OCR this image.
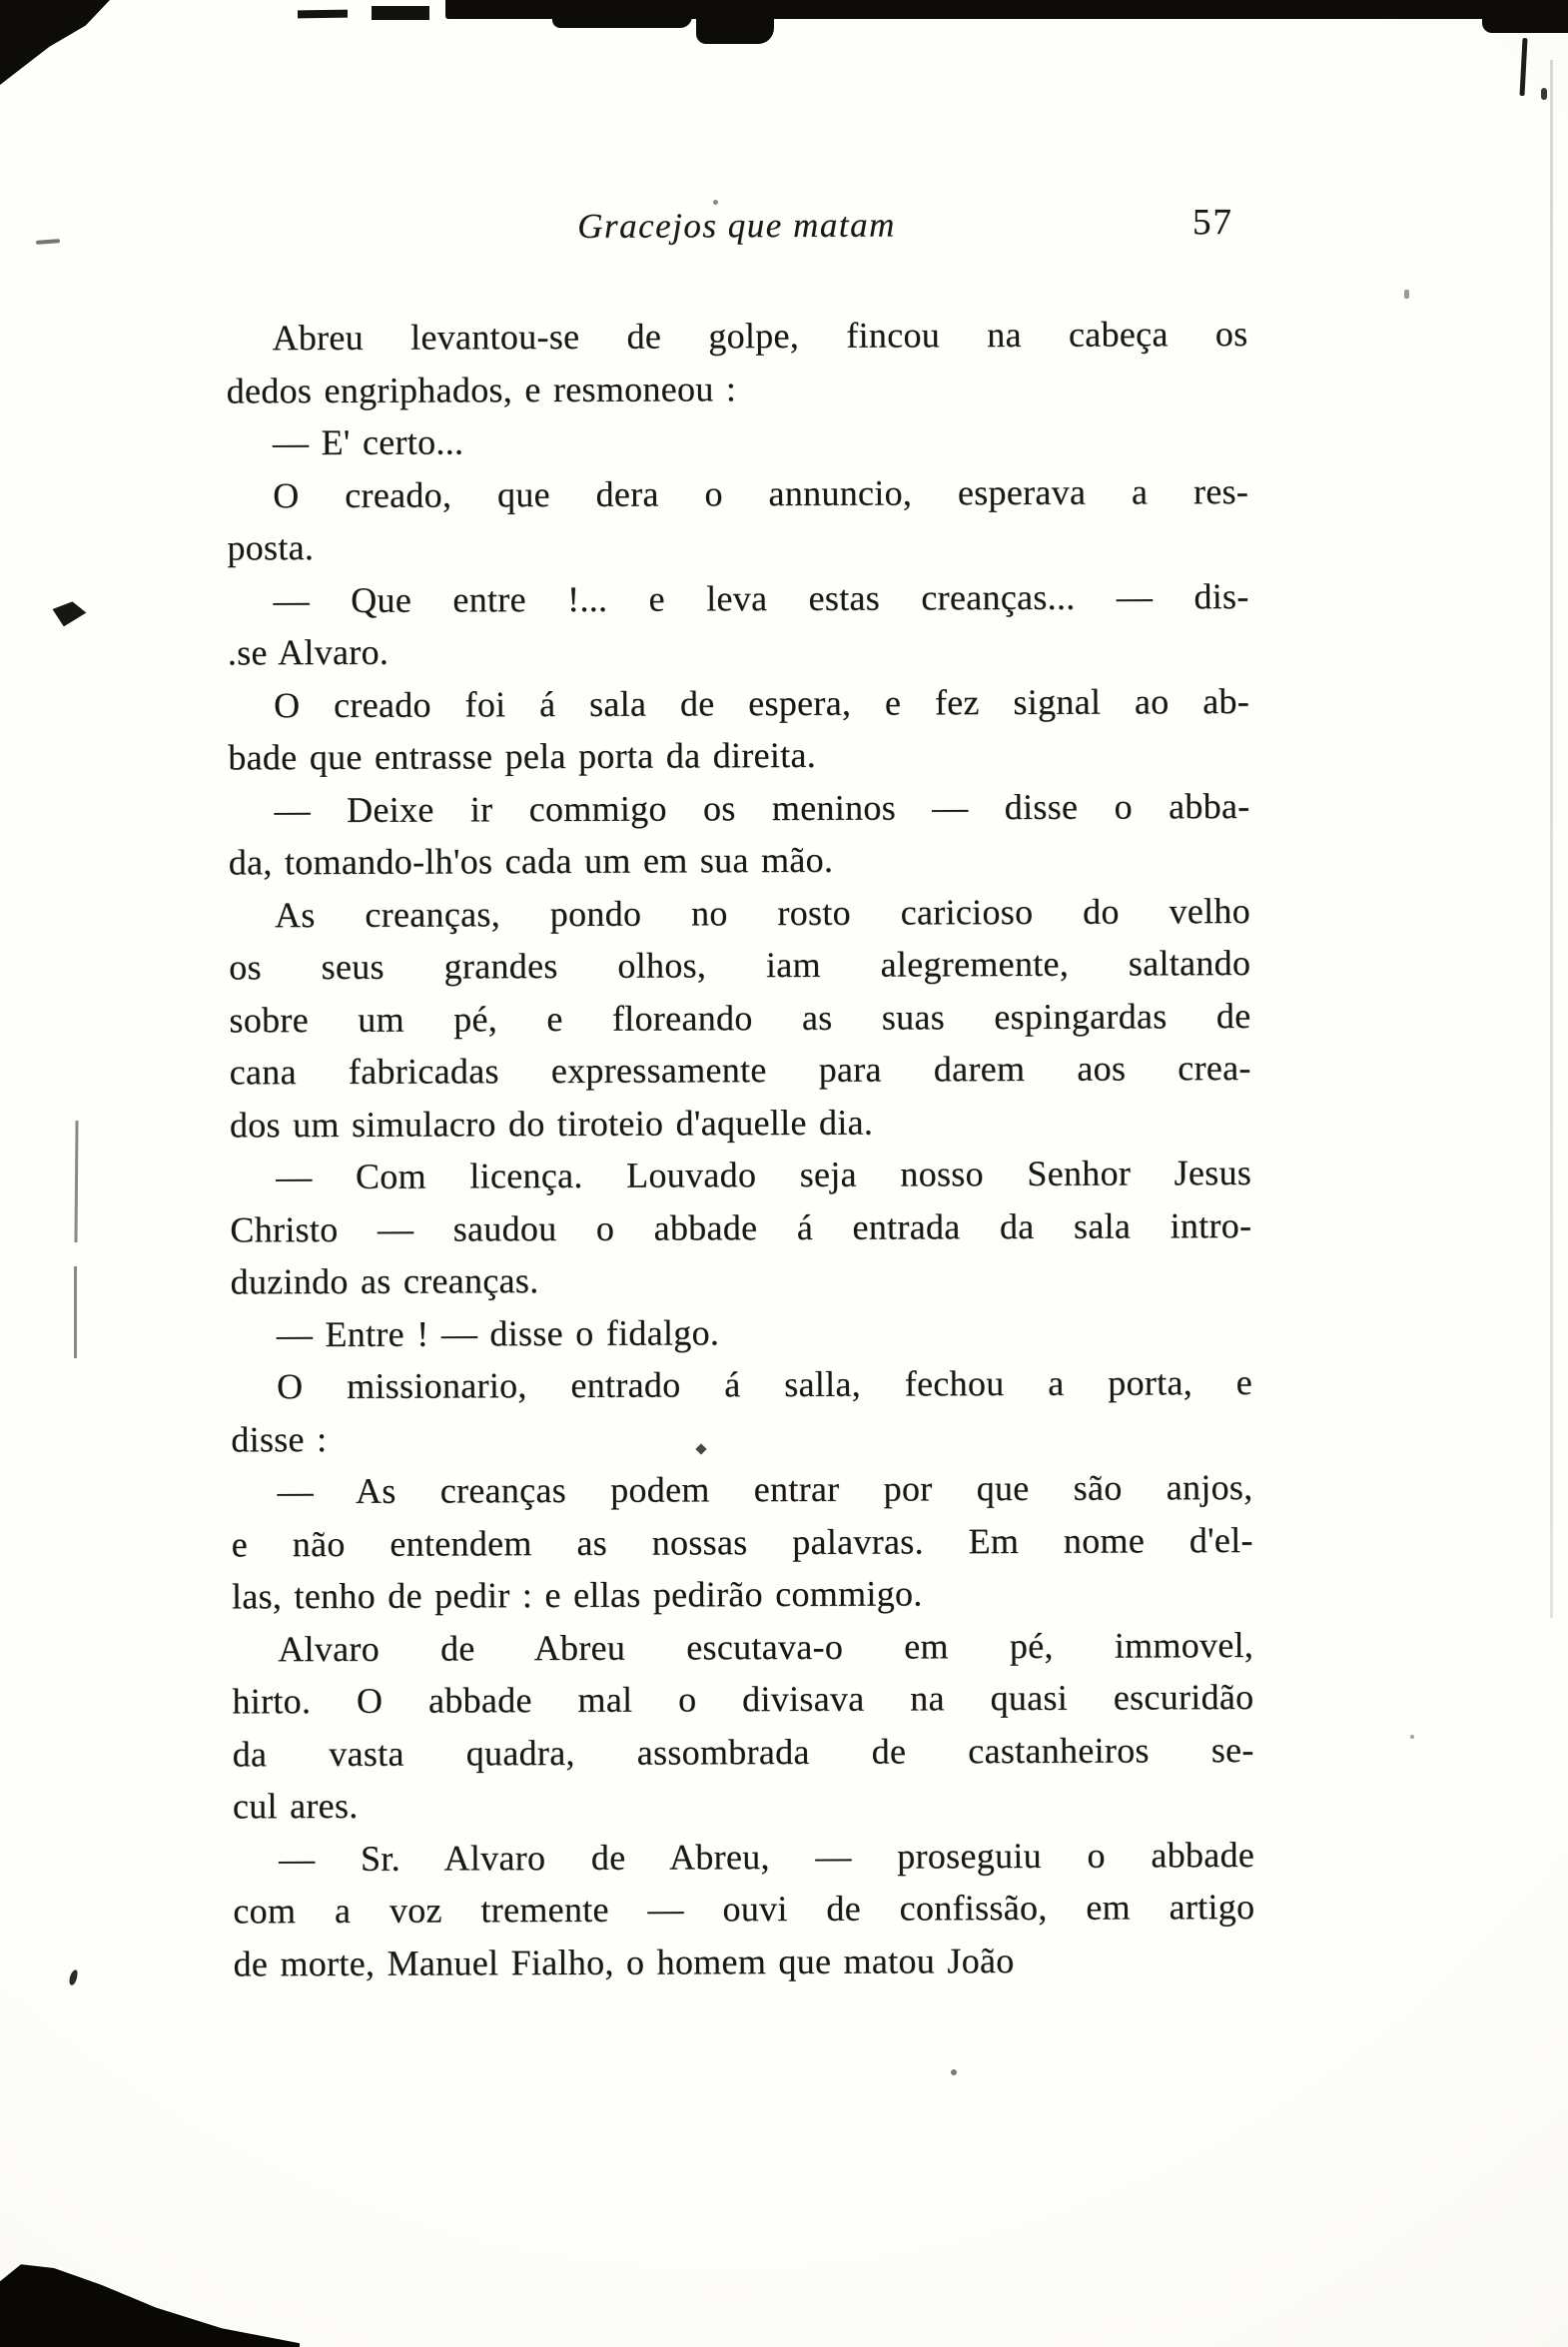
Gracejos que matam	57
Abreu levantou-se de golpe, fincou na cabeça os
dedos engriphados, e resmoneou :
— E' certo...
O creado, que dera o annuncio, esperava a res-
posta.
— Que entre !... e leva estas creanças... — dis-
.se Alvaro.
O creado foi á sala de espera, e fez signal ao ab-
bade que entrasse pela porta da direita.
— Deixe ir commigo os meninos — disse o abba-
da, tomando-lh'os cada um em sua mão.
As creanças, pondo no rosto caricioso do velho
os seus grandes olhos, iam alegremente, saltando
sobre um pé, e floreando as suas espingardas de
cana fabricadas expressamente para darem aos crea-
dos um simulacro do tiroteio d'aquelle dia.
— Com licença. Louvado seja nosso Senhor Jesus
Christo — saudou o abbade á entrada da sala intro-
duzindo as creanças.
— Entre ! — disse o fidalgo.
O missionario, entrado á salla, fechou a porta, e
disse :
— As creanças podem entrar por que são anjos,
e não entendem as nossas palavras. Em nome d'el-
las, tenho de pedir : e ellas pedirão commigo.
Alvaro de Abreu escutava-o em pé, immovel,
hirto. O abbade mal o divisava na quasi escuridão
da vasta quadra, assombrada de castanheiros se-
cul ares.
— Sr. Alvaro de Abreu, — proseguiu o abbade
com a voz tremente — ouvi de confissão, em artigo
de morte, Manuel Fialho, o homem que matou João
